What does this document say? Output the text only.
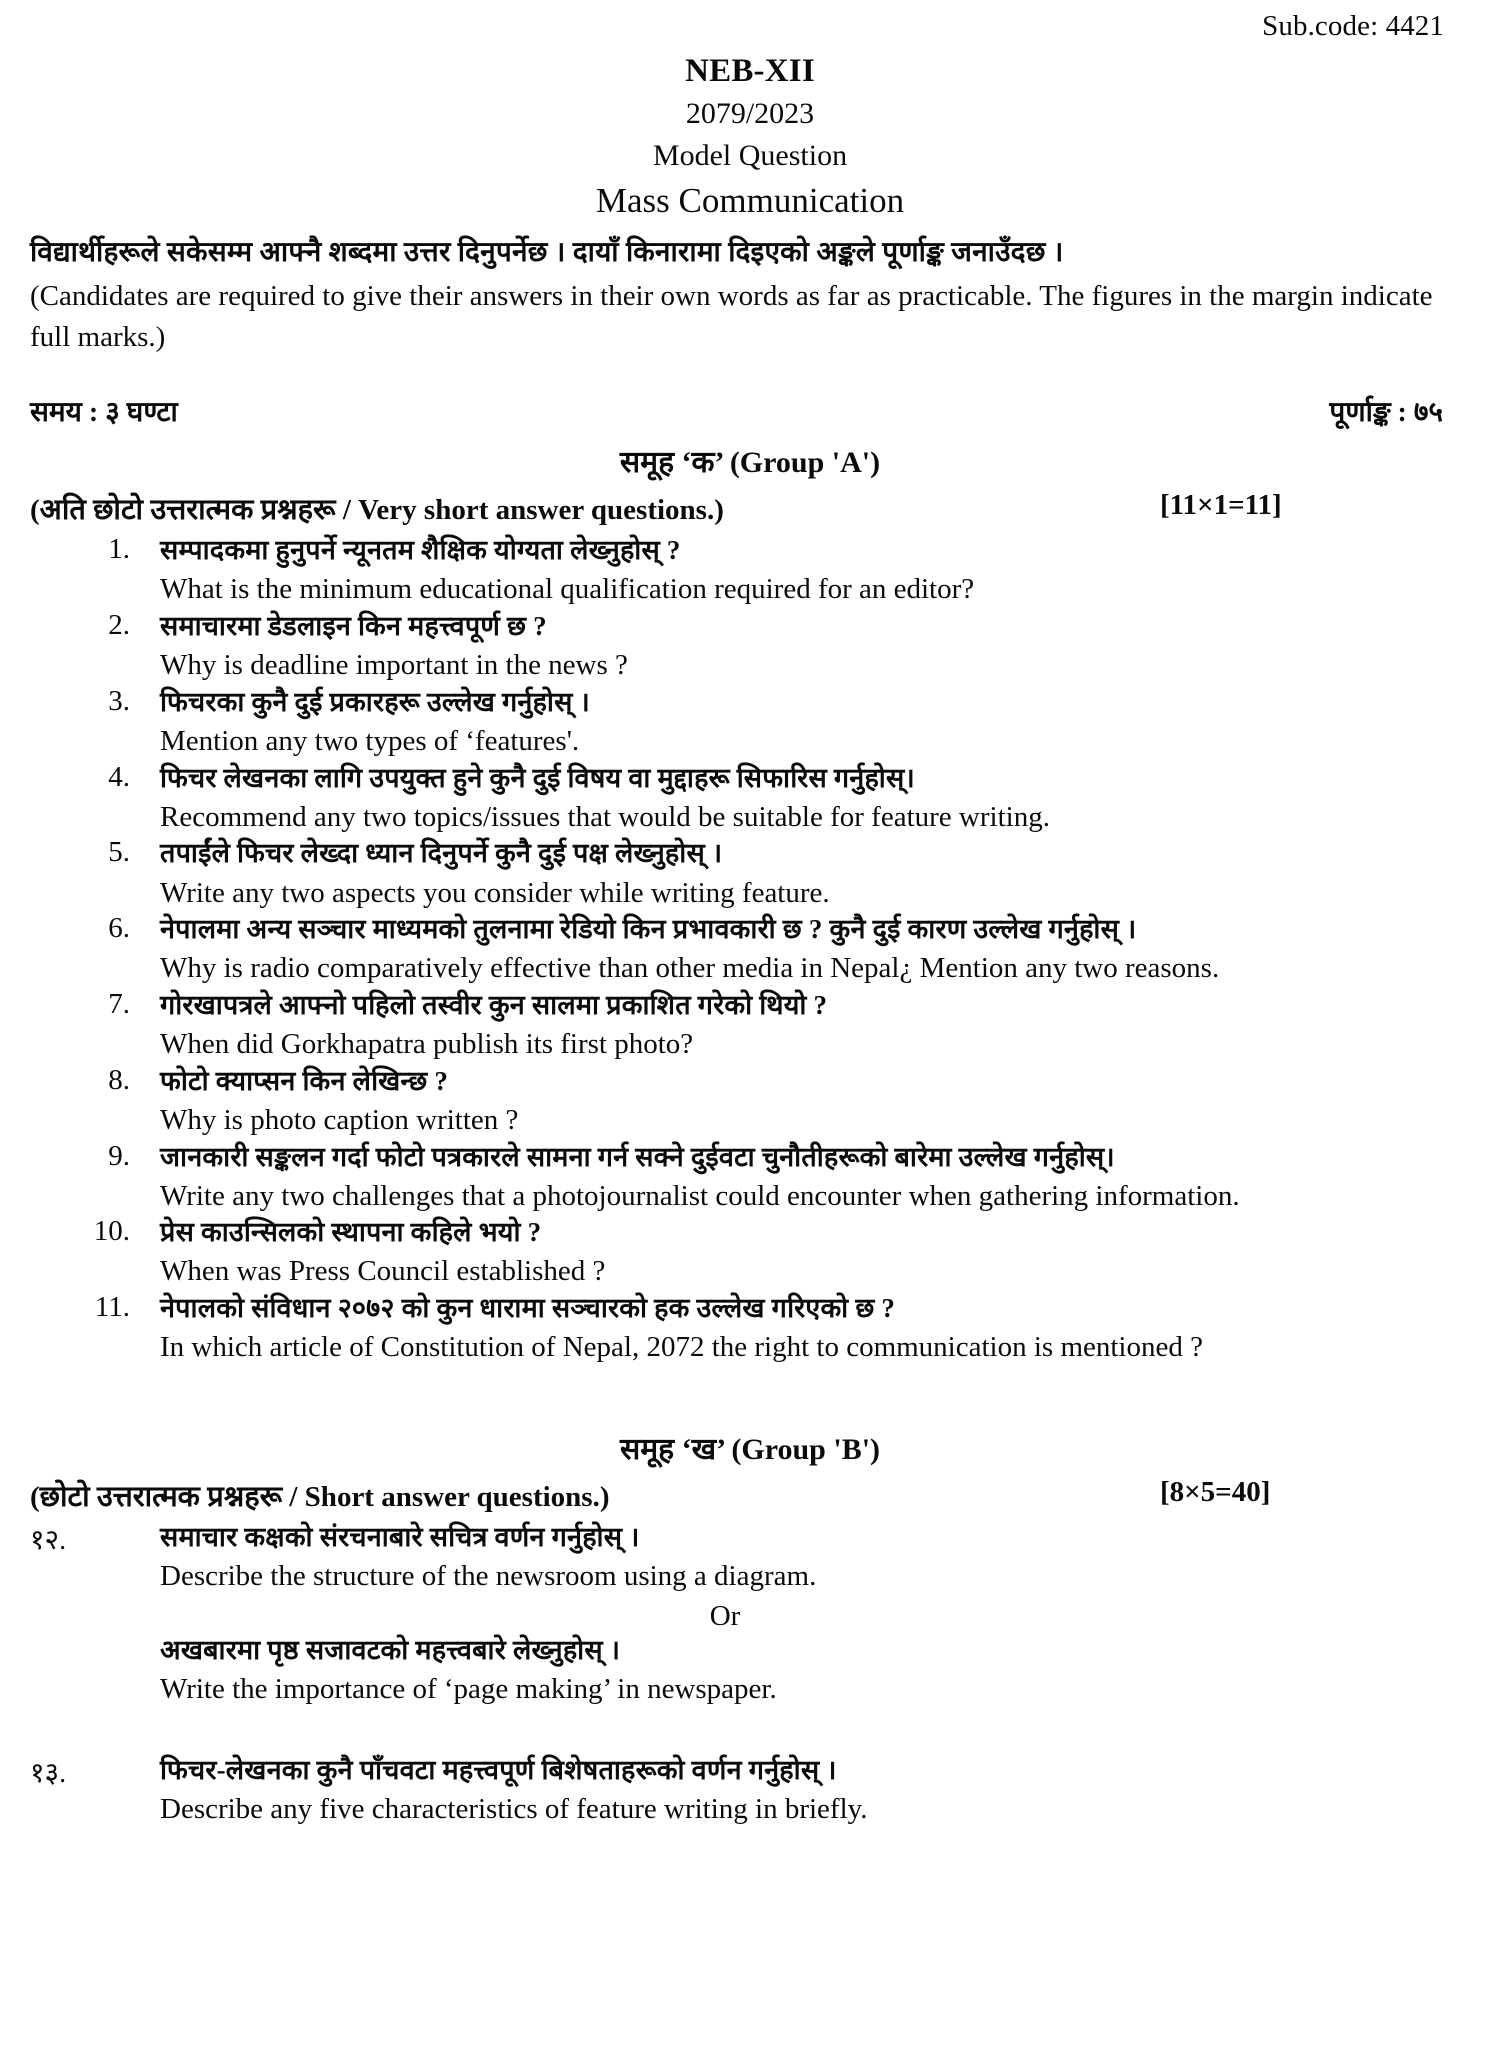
Sub.code: 4421
NEB-XII
2079/2023
Model Question
Mass Communication
विद्यार्थीहरूले सकेसम्म आफ्नै शब्दमा उत्तर दिनुपर्नेछ । दायाँ किनारामा दिइएको अङ्कले पूर्णाङ्क जनाउँदछ ।
(Candidates are required to give their answers in their own words as far as practicable. The figures in the margin indicate full marks.)
समय : ३ घण्टा	पूर्णाङ्क : ७५
समूह ‘क’ (Group 'A')
(अति छोटो उत्तरात्मक प्रश्नहरू / Very short answer questions.)	[11×1=11]
1. सम्पादकमा हुनुपर्ने न्यूनतम शैक्षिक योग्यता लेख्नुहोस् ?
What is the minimum educational qualification required for an editor?
2. समाचारमा डेडलाइन किन महत्त्वपूर्ण छ ?
Why is deadline important in the news ?
3. फिचरका कुनै दुई प्रकारहरू उल्लेख गर्नुहोस् ।
Mention any two types of ‘features'.
4. फिचर लेखनका लागि उपयुक्त हुने कुनै दुई विषय वा मुद्दाहरू सिफारिस गर्नुहोस्।
Recommend any two topics/issues that would be suitable for feature writing.
5. तपाईंले फिचर लेख्दा ध्यान दिनुपर्ने कुनै दुई पक्ष लेख्नुहोस् ।
Write any two aspects you consider while writing feature.
6. नेपालमा अन्य सञ्चार माध्यमको तुलनामा रेडियो किन प्रभावकारी छ ? कुनै दुई कारण उल्लेख गर्नुहोस् ।
Why is radio comparatively effective than other media in Nepal¿ Mention any two reasons.
7. गोरखापत्रले आफ्नो पहिलो तस्वीर कुन सालमा प्रकाशित गरेको थियो ?
When did Gorkhapatra publish its first photo?
8. फोटो क्याप्सन किन लेखिन्छ ?
Why is photo caption written ?
9. जानकारी सङ्कलन गर्दा फोटो पत्रकारले सामना गर्न सक्ने दुईवटा चुनौतीहरूको बारेमा उल्लेख गर्नुहोस्।
Write any two challenges that a photojournalist could encounter when gathering information.
10. प्रेस काउन्सिलको स्थापना कहिले भयो ?
When was Press Council established ?
11. नेपालको संविधान २०७२ को कुन धारामा सञ्चारको हक उल्लेख गरिएको छ ?
In which article of Constitution of Nepal, 2072 the right to communication is mentioned ?
समूह ‘ख’ (Group 'B')
(छोटो उत्तरात्मक प्रश्नहरू / Short answer questions.)	[8×5=40]
१२.	समाचार कक्षको संरचनाबारे सचित्र वर्णन गर्नुहोस् ।
Describe the structure of the newsroom using a diagram.
Or
अखबारमा पृष्ठ सजावटको महत्त्वबारे लेख्नुहोस् ।
Write the importance of ‘page making’ in newspaper.
१३.	फिचर-लेखनका कुनै पाँचवटा महत्त्वपूर्ण बिशेषताहरूको वर्णन गर्नुहोस् ।
Describe any five characteristics of feature writing in briefly.
